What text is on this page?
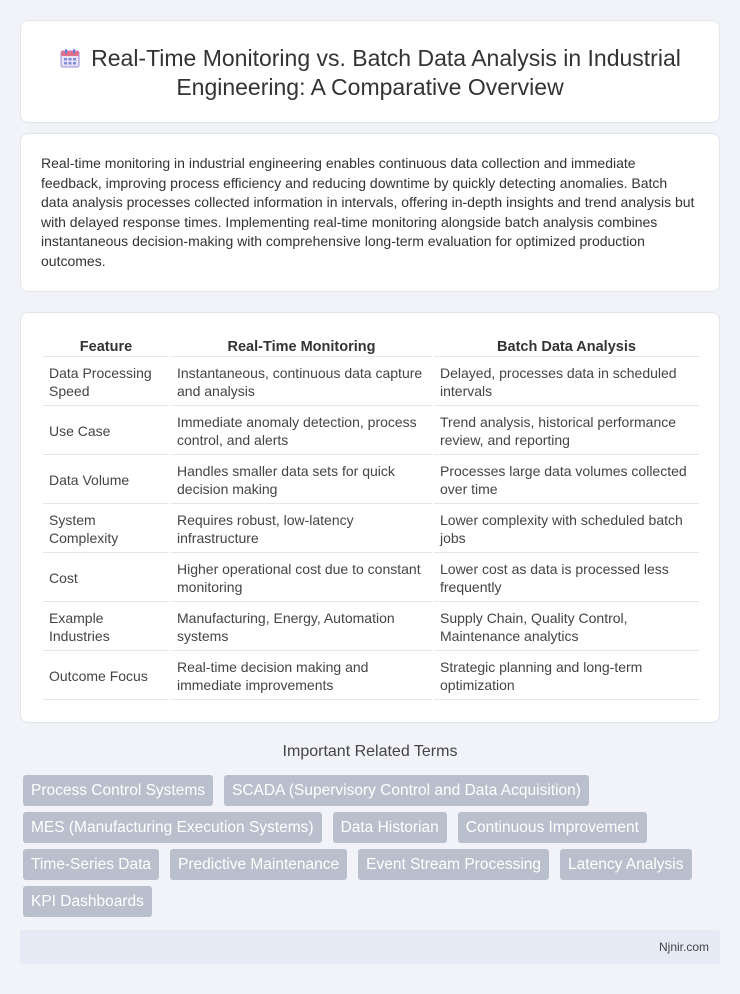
Real-Time Monitoring vs. Batch Data Analysis in Industrial Engineering: A Comparative Overview

Real-time monitoring in industrial engineering enables continuous data collection and immediate feedback, improving process efficiency and reducing downtime by quickly detecting anomalies. Batch data analysis processes collected information in intervals, offering in-depth insights and trend analysis but with delayed response times. Implementing real-time monitoring alongside batch analysis combines instantaneous decision-making with comprehensive long-term evaluation for optimized production outcomes.

Feature	Real-Time Monitoring	Batch Data Analysis
Data Processing Speed	Instantaneous, continuous data capture and analysis	Delayed, processes data in scheduled intervals
Use Case	Immediate anomaly detection, process control, and alerts	Trend analysis, historical performance review, and reporting
Data Volume	Handles smaller data sets for quick decision making	Processes large data volumes collected over time
System Complexity	Requires robust, low-latency infrastructure	Lower complexity with scheduled batch jobs
Cost	Higher operational cost due to constant monitoring	Lower cost as data is processed less frequently
Example Industries	Manufacturing, Energy, Automation systems	Supply Chain, Quality Control, Maintenance analytics
Outcome Focus	Real-time decision making and immediate improvements	Strategic planning and long-term optimization
Important Related Terms
Process Control Systems	SCADA (Supervisory Control and Data Acquisition)
MES (Manufacturing Execution Systems)	Data Historian	Continuous Improvement
Time-Series Data	Predictive Maintenance	Event Stream Processing	Latency Analysis
KPI Dashboards
Njnir.com
